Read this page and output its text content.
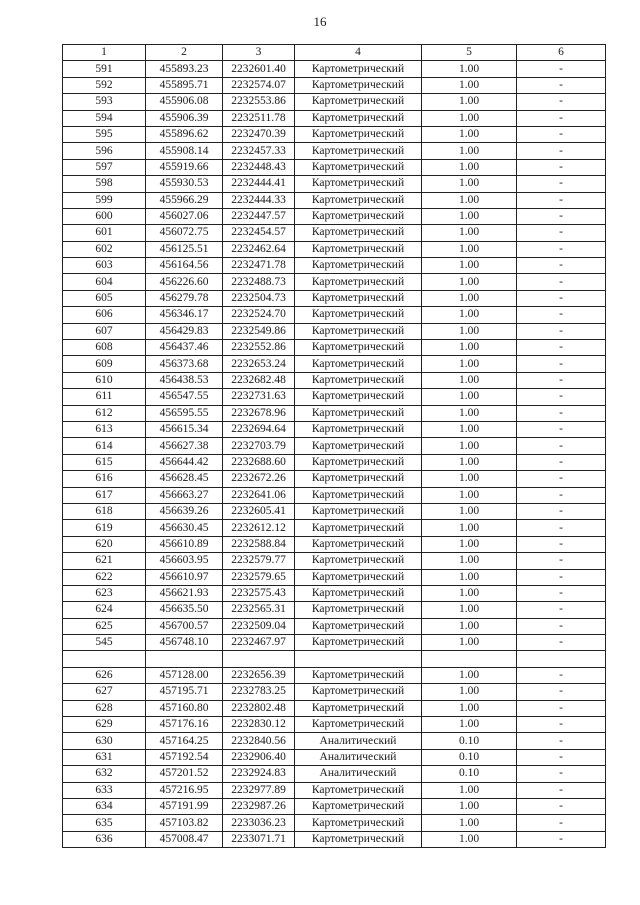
16
1	2	3	4	5	6
591	455893.23	2232601.40	Картометрический	1.00	-
592	455895.71	2232574.07	Картометрический	1.00	-
593	455906.08	2232553.86	Картометрический	1.00	-
594	455906.39	2232511.78	Картометрический	1.00	-
595	455896.62	2232470.39	Картометрический	1.00	-
596	455908.14	2232457.33	Картометрический	1.00	-
597	455919.66	2232448.43	Картометрический	1.00	-
598	455930.53	2232444.41	Картометрический	1.00	-
599	455966.29	2232444.33	Картометрический	1.00	-
600	456027.06	2232447.57	Картометрический	1.00	-
601	456072.75	2232454.57	Картометрический	1.00	-
602	456125.51	2232462.64	Картометрический	1.00	-
603	456164.56	2232471.78	Картометрический	1.00	-
604	456226.60	2232488.73	Картометрический	1.00	-
605	456279.78	2232504.73	Картометрический	1.00	-
606	456346.17	2232524.70	Картометрический	1.00	-
607	456429.83	2232549.86	Картометрический	1.00	-
608	456437.46	2232552.86	Картометрический	1.00	-
609	456373.68	2232653.24	Картометрический	1.00	-
610	456438.53	2232682.48	Картометрический	1.00	-
611	456547.55	2232731.63	Картометрический	1.00	-
612	456595.55	2232678.96	Картометрический	1.00	-
613	456615.34	2232694.64	Картометрический	1.00	-
614	456627.38	2232703.79	Картометрический	1.00	-
615	456644.42	2232688.60	Картометрический	1.00	-
616	456628.45	2232672.26	Картометрический	1.00	-
617	456663.27	2232641.06	Картометрический	1.00	-
618	456639.26	2232605.41	Картометрический	1.00	-
619	456630.45	2232612.12	Картометрический	1.00	-
620	456610.89	2232588.84	Картометрический	1.00	-
621	456603.95	2232579.77	Картометрический	1.00	-
622	456610.97	2232579.65	Картометрический	1.00	-
623	456621.93	2232575.43	Картометрический	1.00	-
624	456635.50	2232565.31	Картометрический	1.00	-
625	456700.57	2232509.04	Картометрический	1.00	-
545	456748.10	2232467.97	Картометрический	1.00	-

626	457128.00	2232656.39	Картометрический	1.00	-
627	457195.71	2232783.25	Картометрический	1.00	-
628	457160.80	2232802.48	Картометрический	1.00	-
629	457176.16	2232830.12	Картометрический	1.00	-
630	457164.25	2232840.56	Аналитический	0.10	-
631	457192.54	2232906.40	Аналитический	0.10	-
632	457201.52	2232924.83	Аналитический	0.10	-
633	457216.95	2232977.89	Картометрический	1.00	-
634	457191.99	2232987.26	Картометрический	1.00	-
635	457103.82	2233036.23	Картометрический	1.00	-
636	457008.47	2233071.71	Картометрический	1.00	-
